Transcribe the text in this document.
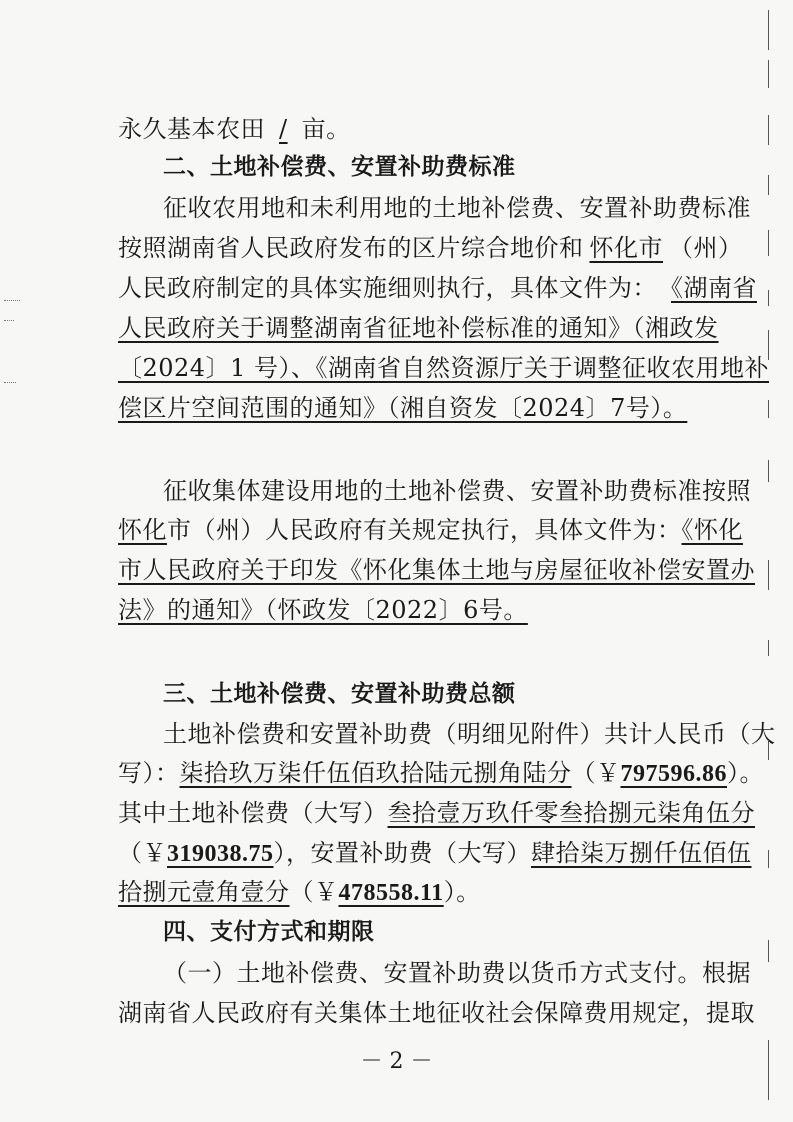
永久基本农田 / 亩。
二、土地补偿费、安置补助费标准
征收农用地和未利用地的土地补偿费、安置补助费标准
按照湖南省人民政府发布的区片综合地价和 怀化市 （州）
人民政府制定的具体实施细则执行，具体文件为： 《湖南省
人民政府关于调整湖南省征地补偿标准的通知》（湘政发
〔2024〕1 号）、《湖南省自然资源厅关于调整征收农用地补
偿区片空间范围的通知》（湘自资发〔2024〕7号）。
征收集体建设用地的土地补偿费、安置补助费标准按照
怀化市（州）人民政府有关规定执行，具体文件为：《怀化
市人民政府关于印发《怀化集体土地与房屋征收补偿安置办
法》的通知》（怀政发〔2022〕6号。
三、土地补偿费、安置补助费总额
土地补偿费和安置补助费（明细见附件）共计人民币（大
写）：柒拾玖万柒仟伍佰玖拾陆元捌角陆分（￥797596.86）。
其中土地补偿费（大写）叁拾壹万玖仟零叁拾捌元柒角伍分
（￥319038.75），安置补助费（大写）肆拾柒万捌仟伍佰伍
拾捌元壹角壹分（￥478558.11）。
四、支付方式和期限
（一）土地补偿费、安置补助费以货币方式支付。根据
湖南省人民政府有关集体土地征收社会保障费用规定，提取
－ 2 －
